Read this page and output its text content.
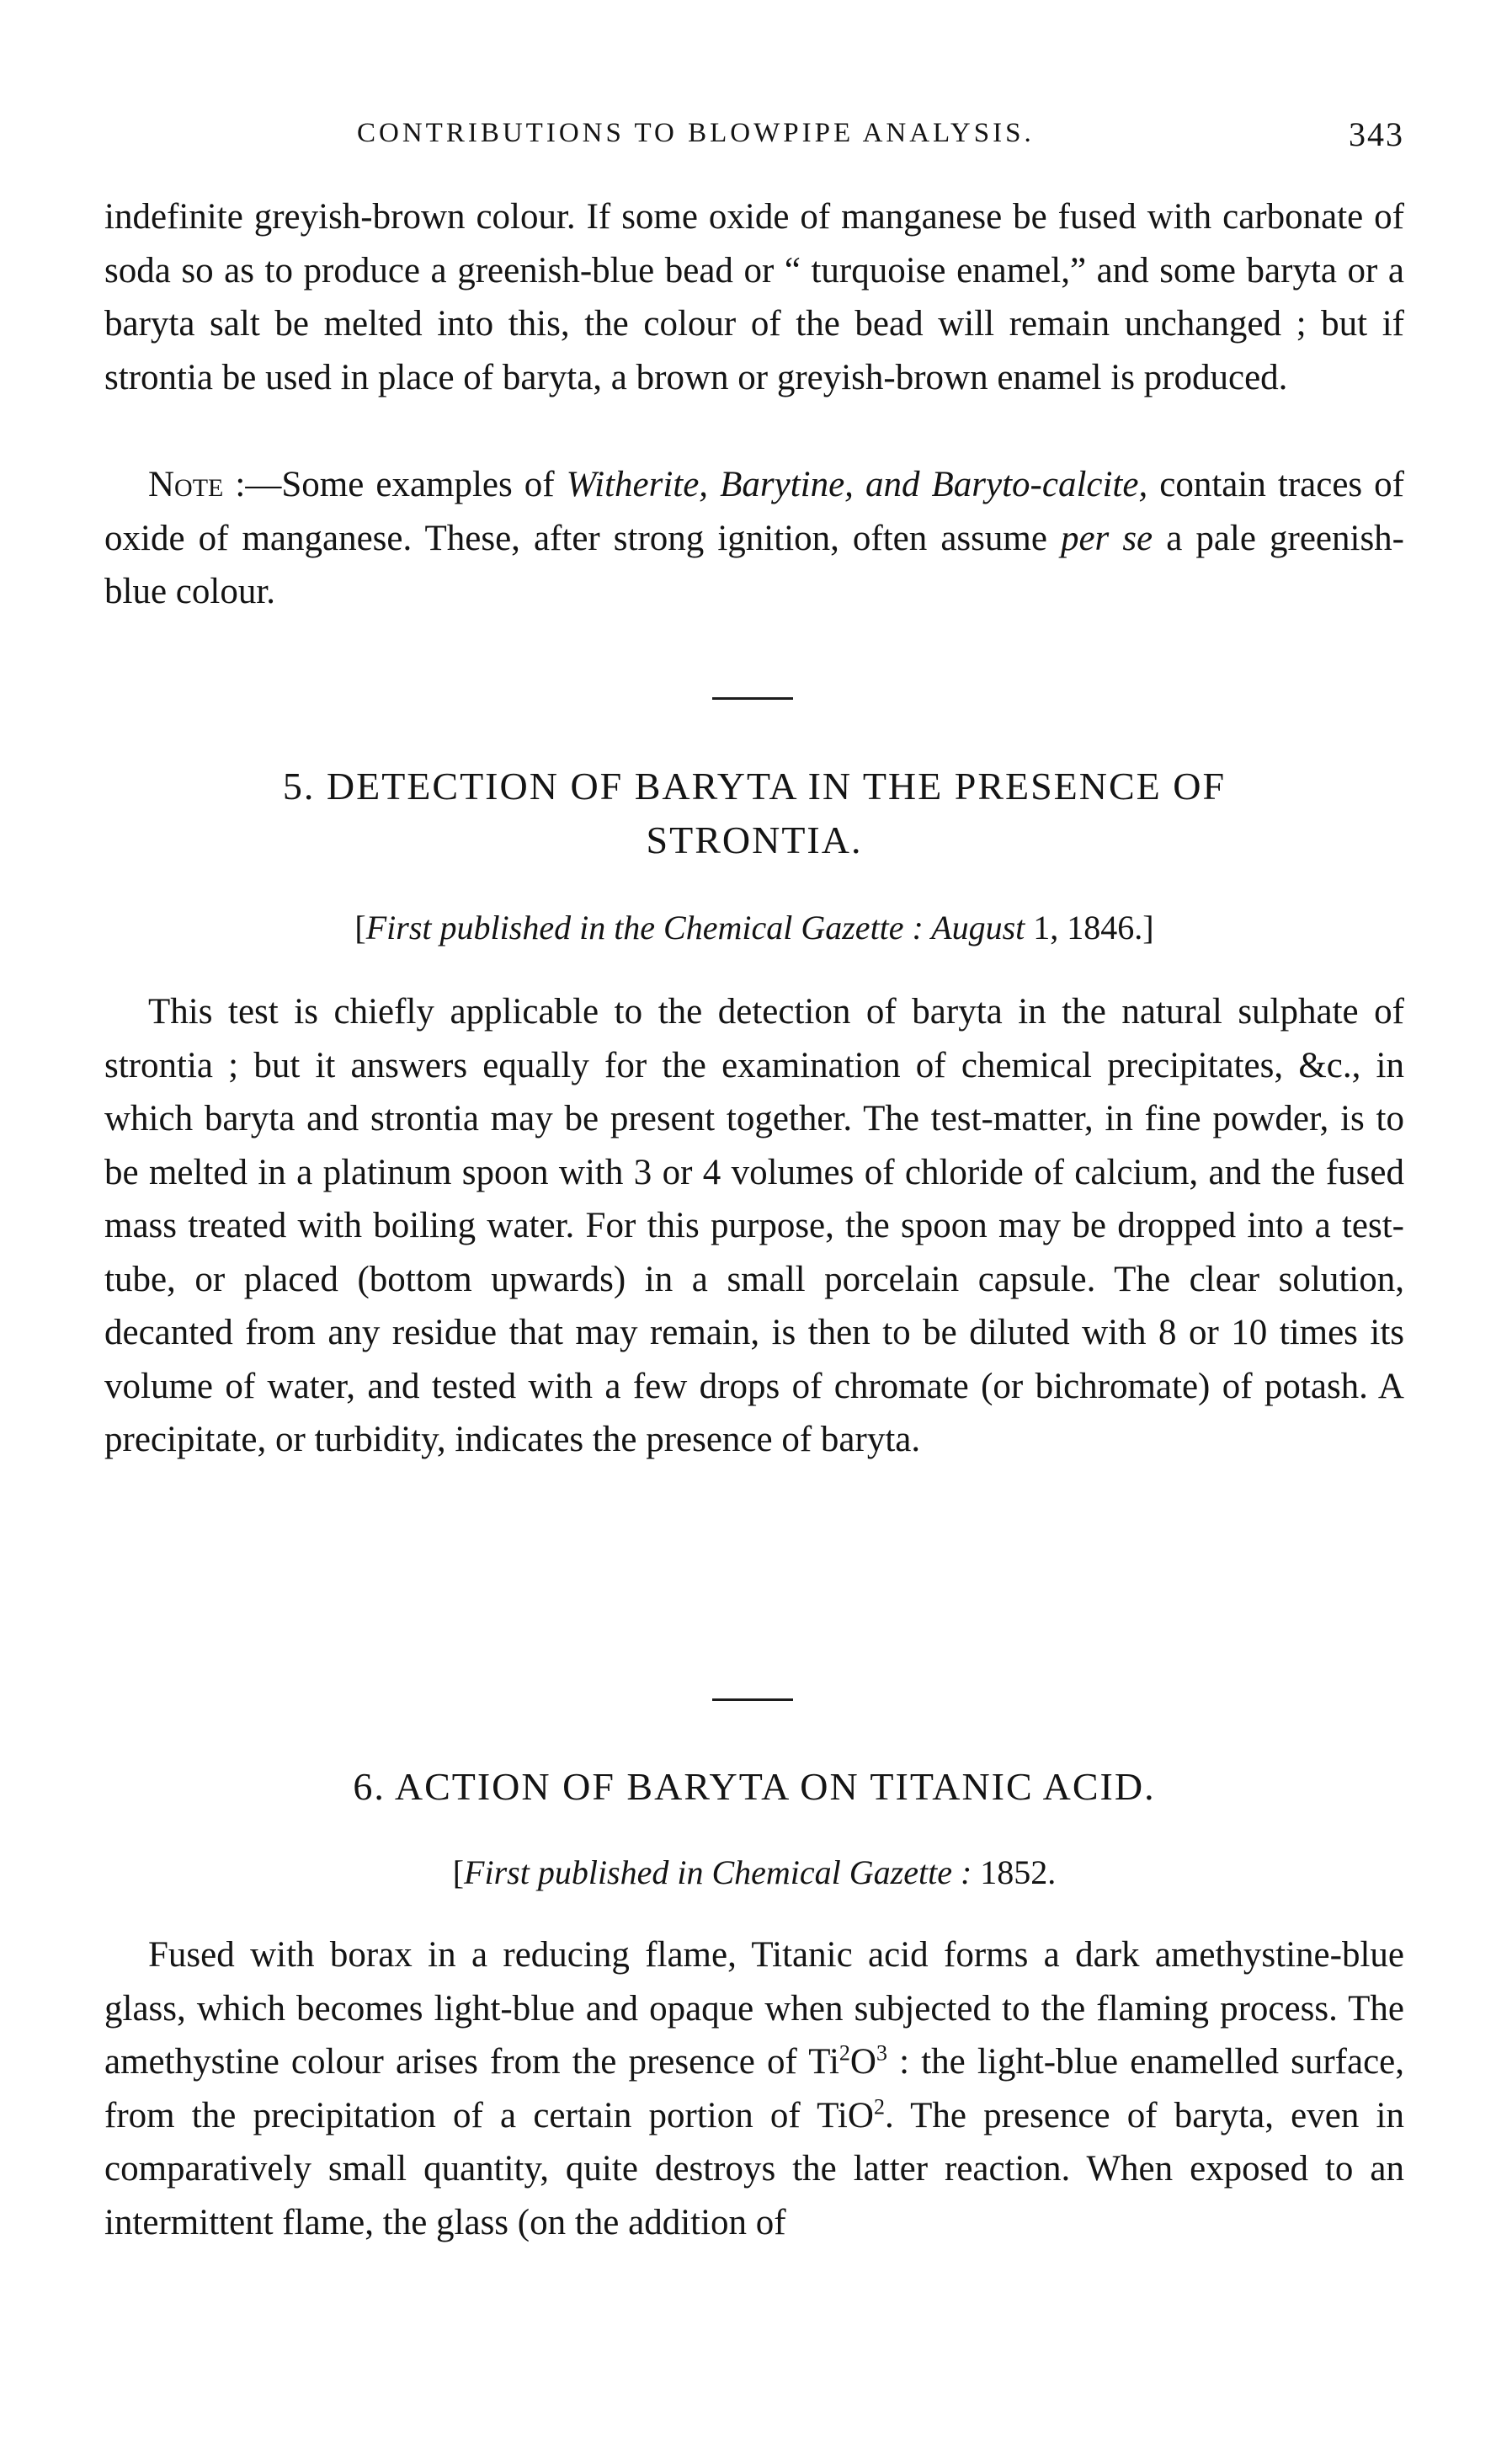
CONTRIBUTIONS TO BLOWPIPE ANALYSIS.	343

indefinite greyish-brown colour. If some oxide of manganese be fused with carbonate of soda so as to produce a greenish-blue bead or “ turquoise enamel,” and some baryta or a baryta salt be melted into this, the colour of the bead will remain unchanged ; but if strontia be used in place of baryta, a brown or greyish-brown enamel is produced.

Note :—Some examples of Witherite, Barytine, and Baryto-calcite, contain traces of oxide of manganese. These, after strong ignition, often assume per se a pale greenish-blue colour.

5. DETECTION OF BARYTA IN THE PRESENCE OF
STRONTIA.

[First published in the Chemical Gazette : August 1, 1846.]

This test is chiefly applicable to the detection of baryta in the natural sulphate of strontia ; but it answers equally for the examination of chemical precipitates, &c., in which baryta and strontia may be present together. The test-matter, in fine powder, is to be melted in a platinum spoon with 3 or 4 volumes of chloride of calcium, and the fused mass treated with boiling water. For this purpose, the spoon may be dropped into a test-tube, or placed (bottom upwards) in a small porcelain capsule. The clear solution, decanted from any residue that may remain, is then to be diluted with 8 or 10 times its volume of water, and tested with a few drops of chromate (or bichromate) of potash. A precipitate, or turbidity, indicates the presence of baryta.

6. ACTION OF BARYTA ON TITANIC ACID.

[First published in Chemical Gazette : 1852.

Fused with borax in a reducing flame, Titanic acid forms a dark amethystine-blue glass, which becomes light-blue and opaque when subjected to the flaming process. The amethystine colour arises from the presence of $Ti^2O^3$ : the light-blue enamelled surface, from the precipitation of a certain portion of TiO$^2$. The presence of baryta, even in comparatively small quantity, quite destroys the latter reaction. When exposed to an intermittent flame, the glass (on the addition of
